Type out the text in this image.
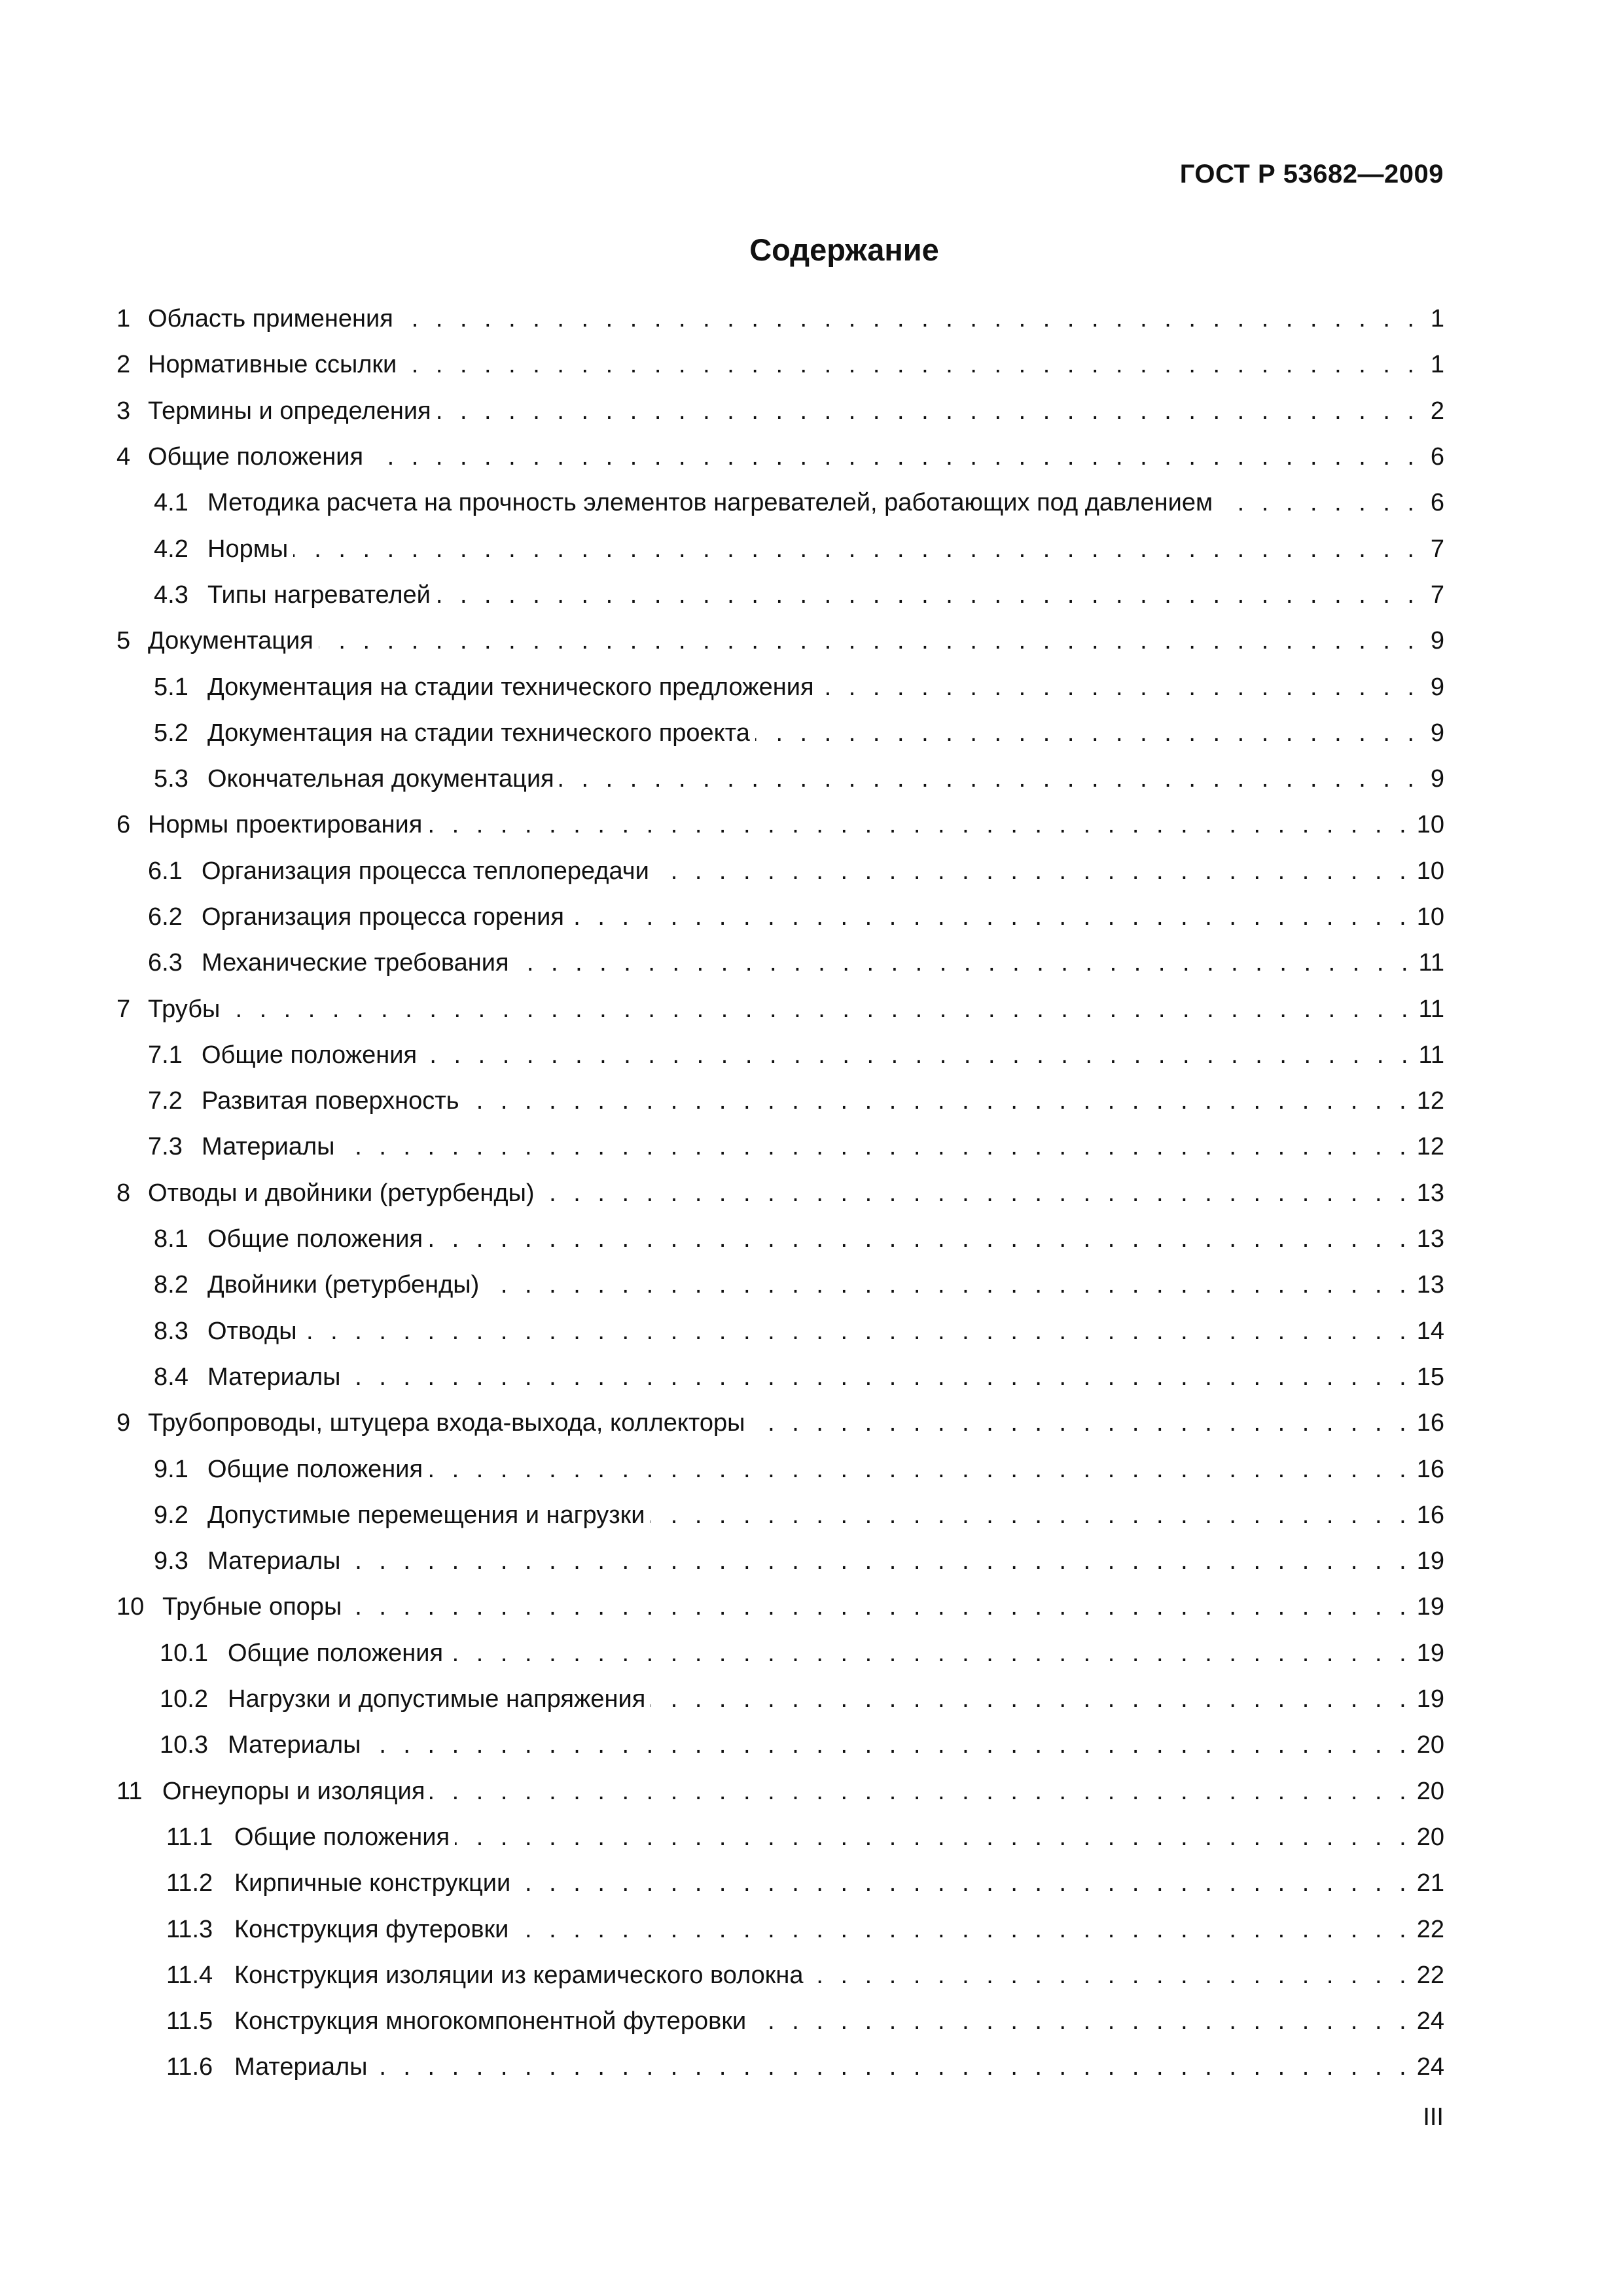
ГОСТ Р 53682—2009
Содержание
1 Область применения . . .	1
2 Нормативные ссылки . . .	1
3 Термины и определения . . .	2
4 Общие положения . . .	6
4.1 Методика расчета на прочность элементов нагревателей, работающих под давлением . . .	6
4.2 Нормы . . .	7
4.3 Типы нагревателей . . .	7
5 Документация . . .	9
5.1 Документация на стадии технического предложения . . .	9
5.2 Документация на стадии технического проекта . . .	9
5.3 Окончательная документация . . .	9
6 Нормы проектирования . . .	10
6.1 Организация процесса теплопередачи . . .	10
6.2 Организация процесса горения . . .	10
6.3 Механические требования . . .	11
7 Трубы . . .	11
7.1 Общие положения . . .	11
7.2 Развитая поверхность . . .	12
7.3 Материалы . . .	12
8 Отводы и двойники (ретурбенды) . . .	13
8.1 Общие положения . . .	13
8.2 Двойники (ретурбенды) . . .	13
8.3 Отводы . . .	14
8.4 Материалы . . .	15
9 Трубопроводы, штуцера входа-выхода, коллекторы . . .	16
9.1 Общие положения . . .	16
9.2 Допустимые перемещения и нагрузки . . .	16
9.3 Материалы . . .	19
10 Трубные опоры . . .	19
10.1 Общие положения . . .	19
10.2 Нагрузки и допустимые напряжения . . .	19
10.3 Материалы . . .	20
11 Огнеупоры и изоляция . . .	20
11.1 Общие положения . . .	20
11.2 Кирпичные конструкции . . .	21
11.3 Конструкция футеровки . . .	22
11.4 Конструкция изоляции из керамического волокна . . .	22
11.5 Конструкция многокомпонентной футеровки . . .	24
11.6 Материалы . . .	24
III
